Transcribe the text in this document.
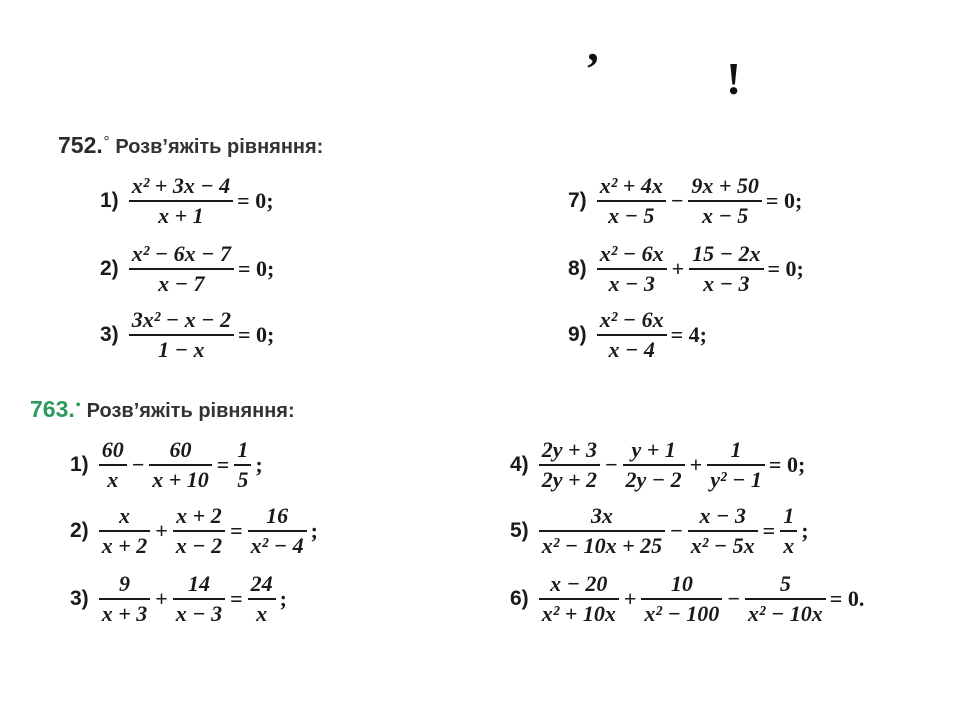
’	!
752.° Розв’яжіть рівняння:
763.• Розв’яжіть рівняння:
$1) \frac{\text{x² + 3x − 4}}{x + 1} = 0$;
$2) \frac{\text{x² − 6x − 7}}{x - 7} = 0$;
$3) \frac{\text{3x² − x − 2}}{1 - x} = 0$;
$7) \frac{\text{x² + 4x}}{x - 5} - \frac{9x + 50}{x - 5} = 0$;
$8) \frac{\text{x² − 6x}}{x - 3} + \frac{15 - 2x}{x - 3} = 0$;
$9) \frac{\text{x² − 6x}}{x - 4} = 4$;
$1) \frac{60}{x} - \frac{60}{x + 10} = \frac{1}{5}$ ;
$2) \frac{x}{x + 2} + \frac{x + 2}{x - 2} = \frac{16}{\text{x² − 4}}$ ;
$3) \frac{9}{x + 3} + \frac{14}{x - 3} = \frac{24}{x}$ ;
$4) \frac{2y + 3}{2y + 2} - \frac{y + 1}{2y - 2} + \frac{1}{\text{y² − 1}} = 0$;
$5) \frac{3x}{\text{x² − 10x + 25}} - \frac{x - 3}{\text{x² − 5x}} = \frac{1}{x}$ ;
$6) \frac{x - 20}{\text{x² + 10x}} + \frac{10}{\text{x² − 100}} - \frac{5}{\text{x² − 10x}} = 0$.
